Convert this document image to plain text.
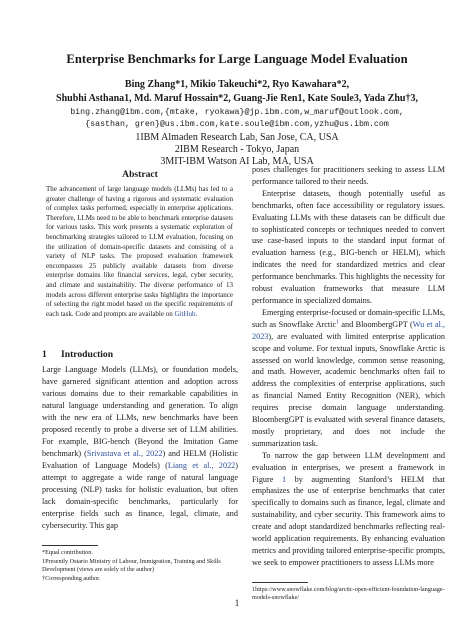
Enterprise Benchmarks for Large Language Model Evaluation
Bing Zhang*1, Mikio Takeuchi*2, Ryo Kawahara*2,
Shubhi Asthana1, Md. Maruf Hossain*2, Guang-Jie Ren1, Kate Soule3, Yada Zhu†3,
bing.zhang@ibm.com,{mtake, ryokawa}@jp.ibm.com,w_maruf@outlook.com,
{sasthan, gren}@us.ibm.com,kate.soule@ibm.com,yzhu@us.ibm.com
1IBM Almaden Research Lab, San Jose, CA, USA
2IBM Research - Tokyo, Japan
3MIT-IBM Watson AI Lab, MA, USA
Abstract
The advancement of large language models (LLMs) has led to a greater challenge of having a rigorous and systematic evaluation of complex tasks performed, especially in enterprise applications. Therefore, LLMs need to be able to benchmark enterprise datasets for various tasks. This work presents a systematic exploration of benchmarking strategies tailored to LLM evaluation, focusing on the utilization of domain-specific datasets and consisting of a variety of NLP tasks. The proposed evaluation framework encompasses 25 publicly available datasets from diverse enterprise domains like financial services, legal, cyber security, and climate and sustainability. The diverse performance of 13 models across different enterprise tasks highlights the importance of selecting the right model based on the specific requirements of each task. Code and prompts are available on GitHub.
1 Introduction

Large Language Models (LLMs), or foundation models, have garnered significant attention and adoption across various domains due to their remarkable capabilities in natural language understanding and generation. To align with the new era of LLMs, new benchmarks have been proposed recently to probe a diverse set of LLM abilities. For example, BIG-bench (Beyond the Imitation Game benchmark) (Srivastava et al., 2022) and HELM (Holistic Evaluation of Language Models) (Liang et al., 2022) attempt to aggregate a wide range of natural language processing (NLP) tasks for holistic evaluation, but often lack domain-specific benchmarks, particularly for enterprise fields such as finance, legal, climate, and cybersecurity. This gap

poses challenges for practitioners seeking to assess LLM performance tailored to their needs.

Enterprise datasets, though potentially useful as benchmarks, often face accessibility or regulatory issues. Evaluating LLMs with these datasets can be difficult due to sophisticated concepts or techniques needed to convert use case-based inputs to the standard input format of evaluation harness (e.g., BIG-bench or HELM), which indicates the need for standardized metrics and clear performance benchmarks. This highlights the necessity for robust evaluation frameworks that measure LLM performance in specialized domains.

Emerging enterprise-focused or domain-specific LLMs, such as Snowflake Arctic$^1$ and BloombergGPT (Wu et al., 2023), are evaluated with limited enterprise application scope and volume. For textual inputs, Snowflake Arctic is assessed on world knowledge, common sense reasoning, and math. However, academic benchmarks often fail to address the complexities of enterprise applications, such as financial Named Entity Recognition (NER), which requires precise domain language understanding. BloombergGPT is evaluated with several finance datasets, mostly proprietary, and does not include the summarization task.

To narrow the gap between LLM development and evaluation in enterprises, we present a framework in Figure 1 by augmenting Stanford’s HELM that emphasizes the use of enterprise benchmarks that cater specifically to domains such as finance, legal, climate and sustainability, and cyber security. This framework aims to create and adopt standardized benchmarks reflecting real-world application requirements. By enhancing evaluation metrics and providing tailored enterprise-specific prompts, we seek to empower practitioners to assess LLMs more

*Equal contribution.
1Presently Ostario Ministry of Labour, Immigration, Training and Skills Development (views are solely of the author)
†Corresponding author.
1https://www.snowflake.com/blog/arctic-open-efficient-foundation-language-models-snowflake/
1
